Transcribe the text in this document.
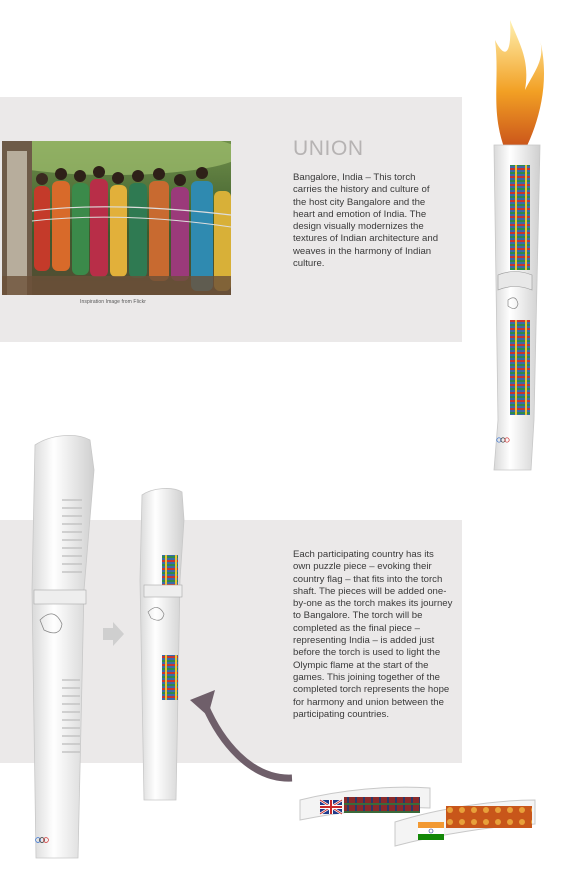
Inspiration Image from Flickr
UNION
Bangalore, India – This torch carries the history and culture of the host city Bangalore and the heart and emotion of India. The design visually modernizes the textures of Indian architecture and weaves in the harmony of Indian culture.
Each participating country has its own puzzle piece – evoking their country flag – that fits into the torch shaft. The pieces will be added one-by-one as the torch makes its journey to Bangalore. The torch will be completed as the final piece – representing India – is added just before the torch is used to light the Olympic flame at the start of the games. This joining together of the completed torch represents the hope for harmony and union between the participating countries.
